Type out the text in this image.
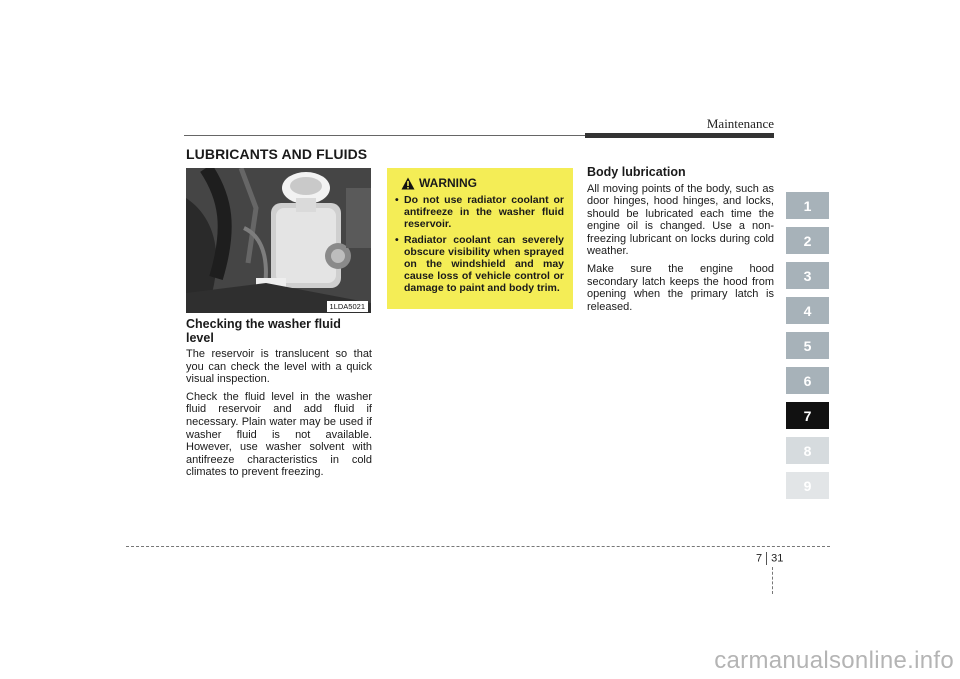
Maintenance
LUBRICANTS AND FLUIDS
1LDA5021
Checking the washer fluid level

The reservoir is translucent so that you can check the level with a quick visual inspection.

Check the fluid level in the washer fluid reservoir and add fluid if necessary. Plain water may be used if washer fluid is not available. However, use washer solvent with antifreeze characteristics in cold climates to prevent freezing.

WARNING
• Do not use radiator coolant or antifreeze in the washer fluid reservoir.
• Radiator coolant can severely obscure visibility when sprayed on the windshield and may cause loss of vehicle control or damage to paint and body trim.
Body lubrication

All moving points of the body, such as door hinges, hood hinges, and locks, should be lubricated each time the engine oil is changed. Use a non-freezing lubricant on locks during cold weather.

Make sure the engine hood secondary latch keeps the hood from opening when the primary latch is released.

1
2
3
4
5
6
7
8
9
7 31
carmanualsonline.info
